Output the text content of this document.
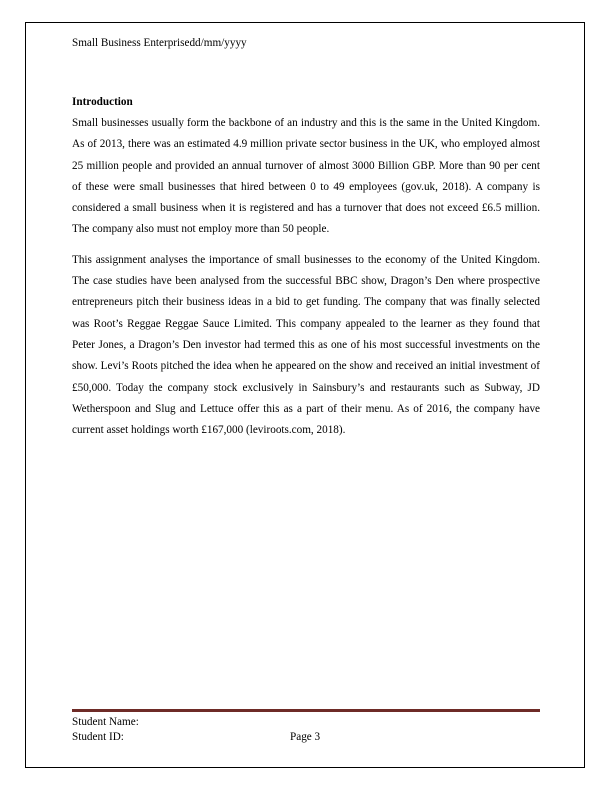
Small Business Enterprisedd/mm/yyyy
Introduction

Small businesses usually form the backbone of an industry and this is the same in the United Kingdom. As of 2013, there was an estimated 4.9 million private sector business in the UK, who employed almost 25 million people and provided an annual turnover of almost 3000 Billion GBP. More than 90 per cent of these were small businesses that hired between 0 to 49 employees (gov.uk, 2018). A company is considered a small business when it is registered and has a turnover that does not exceed £6.5 million. The company also must not employ more than 50 people.

This assignment analyses the importance of small businesses to the economy of the United Kingdom. The case studies have been analysed from the successful BBC show, Dragon’s Den where prospective entrepreneurs pitch their business ideas in a bid to get funding. The company that was finally selected was Root’s Reggae Reggae Sauce Limited. This company appealed to the learner as they found that Peter Jones, a Dragon’s Den investor had termed this as one of his most successful investments on the show. Levi’s Roots pitched the idea when he appeared on the show and received an initial investment of £50,000. Today the company stock exclusively in Sainsbury’s and restaurants such as Subway, JD Wetherspoon and Slug and Lettuce offer this as a part of their menu. As of 2016, the company have current asset holdings worth £167,000 (leviroots.com, 2018).

Student Name:
Student ID:	Page 3
